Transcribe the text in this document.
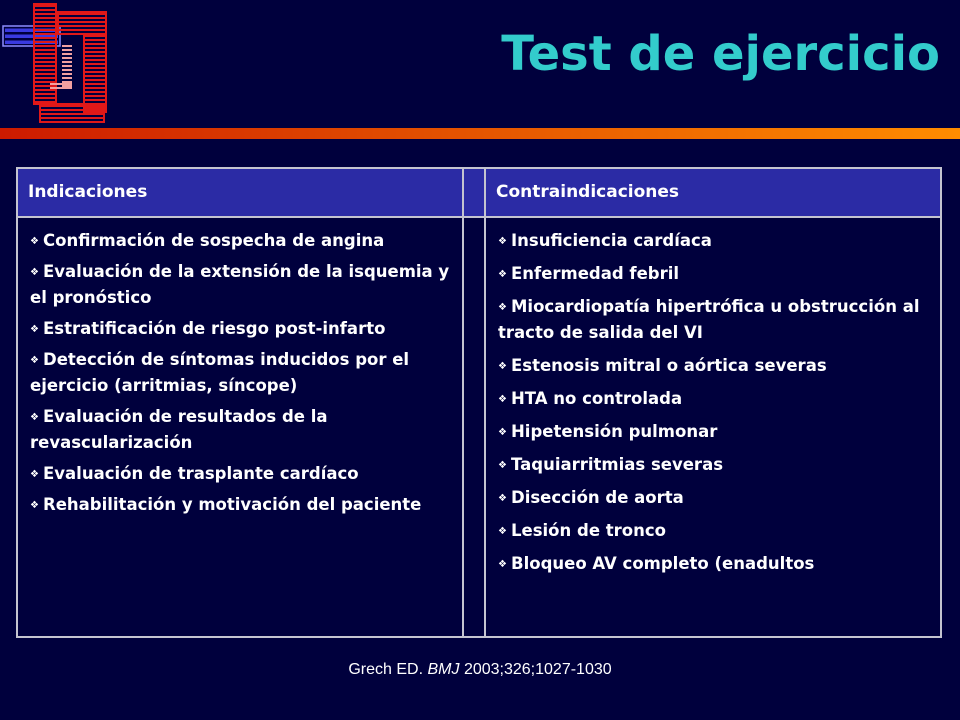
Test de ejercicio
Indicaciones	Contraindicaciones
❖Confirmación de sospecha de angina
❖Evaluación de la extensión de la isquemia y el pronóstico
❖Estratificación de riesgo post-infarto
❖Detección de síntomas inducidos por el ejercicio (arritmias, síncope)
❖Evaluación de resultados de la revascularización
❖Evaluación de trasplante cardíaco
❖Rehabilitación y motivación del paciente
❖Insuficiencia cardíaca
❖Enfermedad febril
❖Miocardiopatía hipertrófica u obstrucción al tracto de salida del VI
❖Estenosis mitral o aórtica severas
❖HTA no controlada
❖Hipetensión pulmonar
❖Taquiarritmias severas
❖Disección de aorta
❖Lesión de tronco
❖Bloqueo AV completo (enadultos
Grech ED. BMJ 2003;326;1027-1030
